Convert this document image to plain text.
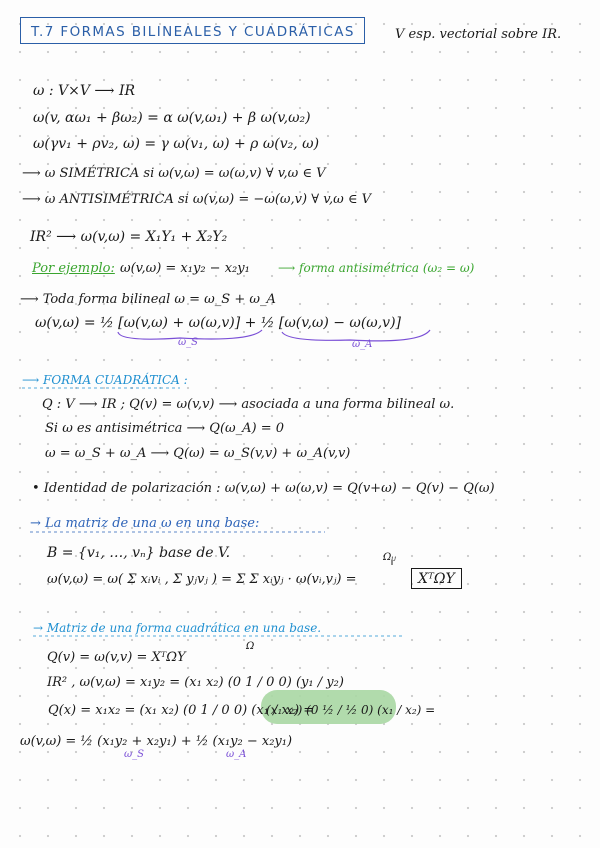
T.7 FORMAS BILINEALES Y CUADRÁTICAS	V esp. vectorial sobre IR.
ω : V×V ⟶ IR
ω(v, αω₁ + βω₂) = α ω(v,ω₁) + β ω(v,ω₂)
ω(γv₁ + ρv₂, ω) = γ ω(v₁, ω) + ρ ω(v₂, ω)
⟶ ω SIMÉTRICA si ω(v,ω) = ω(ω,v) ∀ v,ω ∈ V
⟶ ω ANTISIMÉTRICA si ω(v,ω) = −ω(ω,v) ∀ v,ω ∈ V
IR² ⟶ ω(v,ω) = X₁Y₁ + X₂Y₂
Por ejemplo: ω(v,ω) = x₁y₂ − x₂y₁ ⟶ forma antisimétrica (ω₂ = ω)
⟶ Toda forma bilineal ω = ω_S + ω_A
ω(v,ω) = ½ [ω(v,ω) + ω(ω,v)] + ½ [ω(v,ω) − ω(ω,v)]
ω_S	ω_A
⟶ FORMA CUADRÁTICA :
Q : V ⟶ IR ; Q(v) = ω(v,v) ⟶ asociada a una forma bilineal ω.
Si ω es antisimétrica ⟶ Q(ω_A) = 0
ω = ω_S + ω_A ⟶ Q(ω) = ω_S(v,v) + ω_A(v,v)
• Identidad de polarización : ω(v,ω) + ω(ω,v) = Q(v+ω) − Q(v) − Q(ω)
→ La matriz de una ω en una base:
B = {v₁, …, vₙ} base de V.
ω(v,ω) = ω( Σ xᵢvᵢ , Σ yⱼvⱼ ) = Σ Σ xᵢyⱼ · ω(vᵢ,vⱼ) =	XᵀΩY
Ωᵢⱼ
→ Matriz de una forma cuadrática en una base.
Q(v) = ω(v,v) = XᵀΩY
Ω
IR² , ω(v,ω) = x₁y₂ = (x₁ x₂) (0 1 / 0 0) (y₁ / y₂)
Q(x) = x₁x₂ = (x₁ x₂) (0 1 / 0 0) (x₁ / x₂) =
(x₁ x₂) (0 ½ / ½ 0) (x₁ / x₂) =
ω(v,ω) = ½ (x₁y₂ + x₂y₁) + ½ (x₁y₂ − x₂y₁)
ω_S	ω_A
